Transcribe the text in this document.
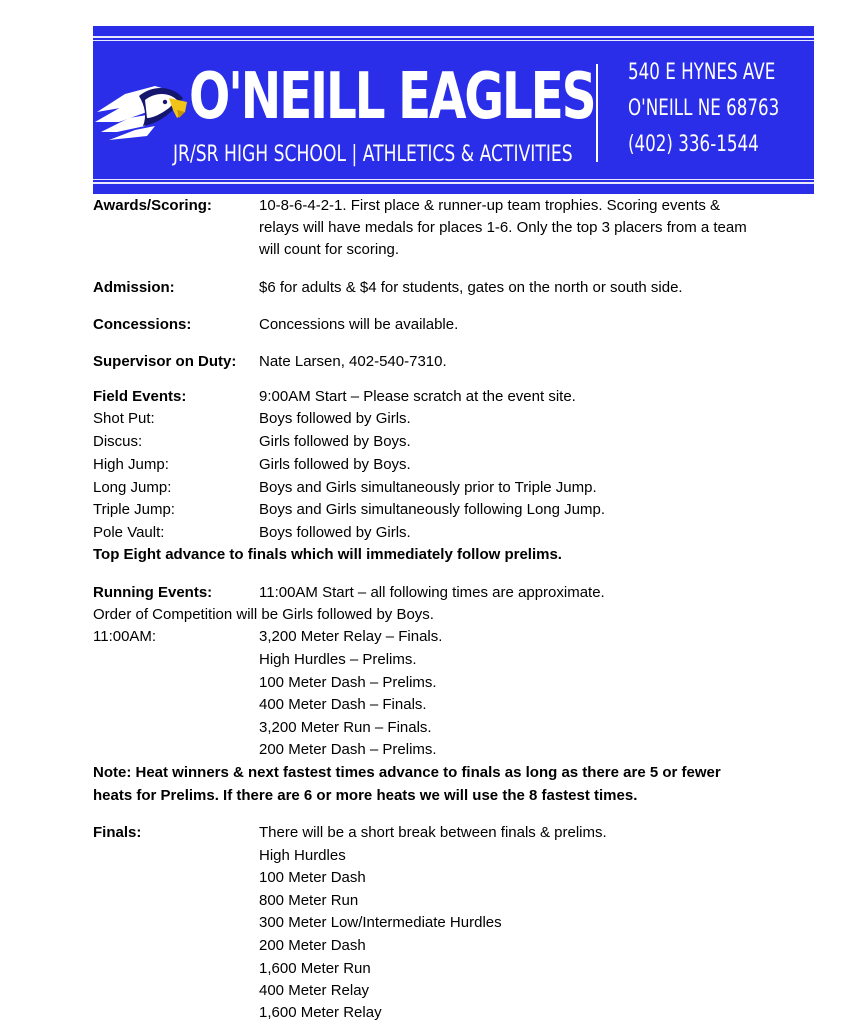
O'NEILL EAGLES
JR/SR HIGH SCHOOL | ATHLETICS & ACTIVITIES
540 E HYNES AVE
O'NEILL NE 68763
(402) 336-1544
Awards/Scoring:	10-8-6-4-2-1. First place & runner-up team trophies. Scoring events &
relays will have medals for places 1-6. Only the top 3 placers from a team
will count for scoring.
Admission:	$6 for adults & $4 for students, gates on the north or south side.
Concessions:	Concessions will be available.
Supervisor on Duty: Nate Larsen, 402-540-7310.
Field Events:	9:00AM Start – Please scratch at the event site.
Shot Put:	Boys followed by Girls.
Discus:	Girls followed by Boys.
High Jump:	Girls followed by Boys.
Long Jump:	Boys and Girls simultaneously prior to Triple Jump.
Triple Jump:	Boys and Girls simultaneously following Long Jump.
Pole Vault:	Boys followed by Girls.
Top Eight advance to finals which will immediately follow prelims.
Running Events:	11:00AM Start – all following times are approximate.
Order of Competition will be Girls followed by Boys.
11:00AM:	3,200 Meter Relay – Finals.
High Hurdles – Prelims.
100 Meter Dash – Prelims.
400 Meter Dash – Finals.
3,200 Meter Run – Finals.
200 Meter Dash – Prelims.
Note: Heat winners & next fastest times advance to finals as long as there are 5 or fewer
heats for Prelims. If there are 6 or more heats we will use the 8 fastest times.
Finals:	There will be a short break between finals & prelims.
High Hurdles
100 Meter Dash
800 Meter Run
300 Meter Low/Intermediate Hurdles
200 Meter Dash
1,600 Meter Run
400 Meter Relay
1,600 Meter Relay
